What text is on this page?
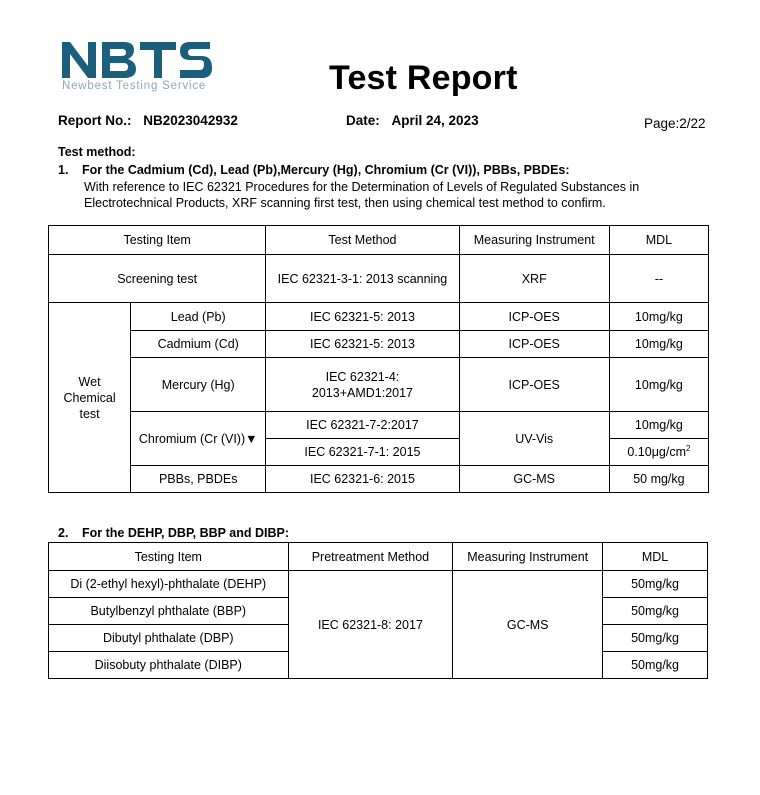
Newbest Testing Service	Test Report
Report No.: NB2023042932	Date: April 24, 2023	Page:2/22
Test method:
1. For the Cadmium (Cd), Lead (Pb),Mercury (Hg), Chromium (Cr (VI)), PBBs, PBDEs:
With reference to IEC 62321 Procedures for the Determination of Levels of Regulated Substances in Electrotechnical Products, XRF scanning first test, then using chemical test method to confirm.
Testing Item		Test Method	Measuring Instrument	MDL
Screening test		IEC 62321-3-1: 2013 scanning	XRF	--
Wet
Chemical
test	Lead (Pb)	IEC 62321-5: 2013	ICP-OES	10mg/kg
	Cadmium (Cd)	IEC 62321-5: 2013	ICP-OES	10mg/kg
	Mercury (Hg)	IEC 62321-4:
2013+AMD1:2017	ICP-OES	10mg/kg
	Chromium (Cr (VI))▼	IEC 62321-7-2:2017	UV-Vis	10mg/kg
		IEC 62321-7-1: 2015		$0.10\mu g/cm^2$
	PBBs, PBDEs	IEC 62321-6: 2015	GC-MS	50 mg/kg
2. For the DEHP, DBP, BBP and DIBP:
Testing Item	Pretreatment Method	Measuring Instrument	MDL
Di (2-ethyl hexyl)-phthalate (DEHP)	IEC 62321-8: 2017	GC-MS	50mg/kg
Butylbenzyl phthalate (BBP)			50mg/kg
Dibutyl phthalate (DBP)			50mg/kg
Diisobuty phthalate (DIBP)			50mg/kg
